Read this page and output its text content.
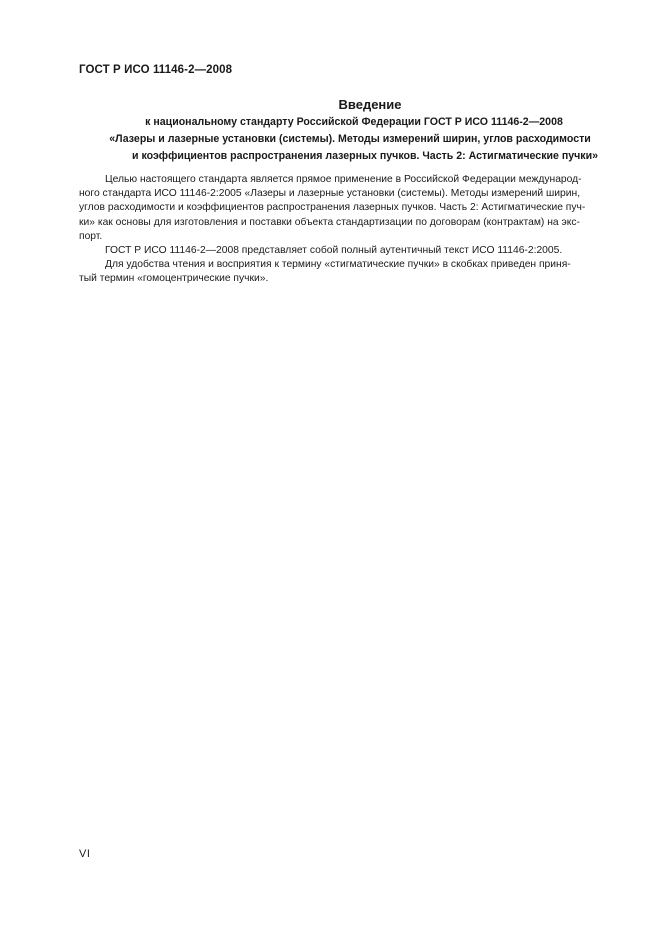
ГОСТ Р ИСО 11146-2—2008
Введение
к национальному стандарту Российской Федерации ГОСТ Р ИСО 11146-2—2008
«Лазеры и лазерные установки (системы). Методы измерений ширин, углов расходимости
и коэффициентов распространения лазерных пучков. Часть 2: Астигматические пучки»
Целью настоящего стандарта является прямое применение в Российской Федерации международ-
ного стандарта ИСО 11146-2:2005 «Лазеры и лазерные установки (системы). Методы измерений ширин,
углов расходимости и коэффициентов распространения лазерных пучков. Часть 2: Астигматические пуч-
ки» как основы для изготовления и поставки объекта стандартизации по договорам (контрактам) на экс-
порт.
ГОСТ Р ИСО 11146-2—2008 представляет собой полный аутентичный текст ИСО 11146-2:2005.
Для удобства чтения и восприятия к термину «стигматические пучки» в скобках приведен приня-
тый термин «гомоцентрические пучки».
VI
